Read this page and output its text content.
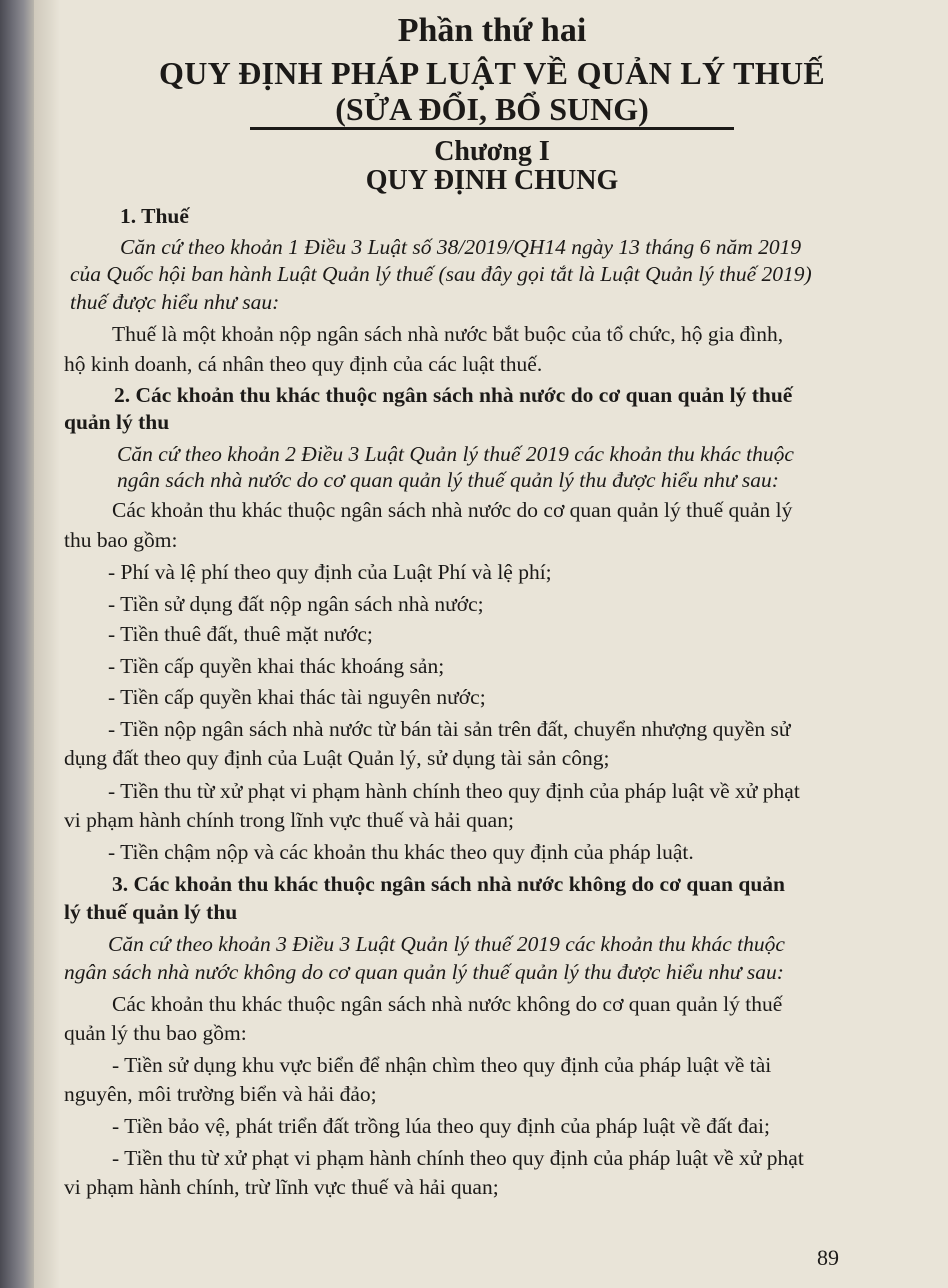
Phần thứ hai
QUY ĐỊNH PHÁP LUẬT VỀ QUẢN LÝ THUẾ
(SỬA ĐỔI, BỔ SUNG)
Chương I
QUY ĐỊNH CHUNG
1. Thuế
Căn cứ theo khoản 1 Điều 3 Luật số 38/2019/QH14 ngày 13 tháng 6 năm 2019
của Quốc hội ban hành Luật Quản lý thuế (sau đây gọi tắt là Luật Quản lý thuế 2019)
thuế được hiểu như sau:
Thuế là một khoản nộp ngân sách nhà nước bắt buộc của tổ chức, hộ gia đình,
hộ kinh doanh, cá nhân theo quy định của các luật thuế.
2. Các khoản thu khác thuộc ngân sách nhà nước do cơ quan quản lý thuế
quản lý thu
Căn cứ theo khoản 2 Điều 3 Luật Quản lý thuế 2019 các khoản thu khác thuộc
ngân sách nhà nước do cơ quan quản lý thuế quản lý thu được hiểu như sau:
Các khoản thu khác thuộc ngân sách nhà nước do cơ quan quản lý thuế quản lý
thu bao gồm:
- Phí và lệ phí theo quy định của Luật Phí và lệ phí;
- Tiền sử dụng đất nộp ngân sách nhà nước;
- Tiền thuê đất, thuê mặt nước;
- Tiền cấp quyền khai thác khoáng sản;
- Tiền cấp quyền khai thác tài nguyên nước;
- Tiền nộp ngân sách nhà nước từ bán tài sản trên đất, chuyển nhượng quyền sử
dụng đất theo quy định của Luật Quản lý, sử dụng tài sản công;
- Tiền thu từ xử phạt vi phạm hành chính theo quy định của pháp luật về xử phạt
vi phạm hành chính trong lĩnh vực thuế và hải quan;
- Tiền chậm nộp và các khoản thu khác theo quy định của pháp luật.
3. Các khoản thu khác thuộc ngân sách nhà nước không do cơ quan quản
lý thuế quản lý thu
Căn cứ theo khoản 3 Điều 3 Luật Quản lý thuế 2019 các khoản thu khác thuộc
ngân sách nhà nước không do cơ quan quản lý thuế quản lý thu được hiểu như sau:
Các khoản thu khác thuộc ngân sách nhà nước không do cơ quan quản lý thuế
quản lý thu bao gồm:
- Tiền sử dụng khu vực biển để nhận chìm theo quy định của pháp luật về tài
nguyên, môi trường biển và hải đảo;
- Tiền bảo vệ, phát triển đất trồng lúa theo quy định của pháp luật về đất đai;
- Tiền thu từ xử phạt vi phạm hành chính theo quy định của pháp luật về xử phạt
vi phạm hành chính, trừ lĩnh vực thuế và hải quan;
89
